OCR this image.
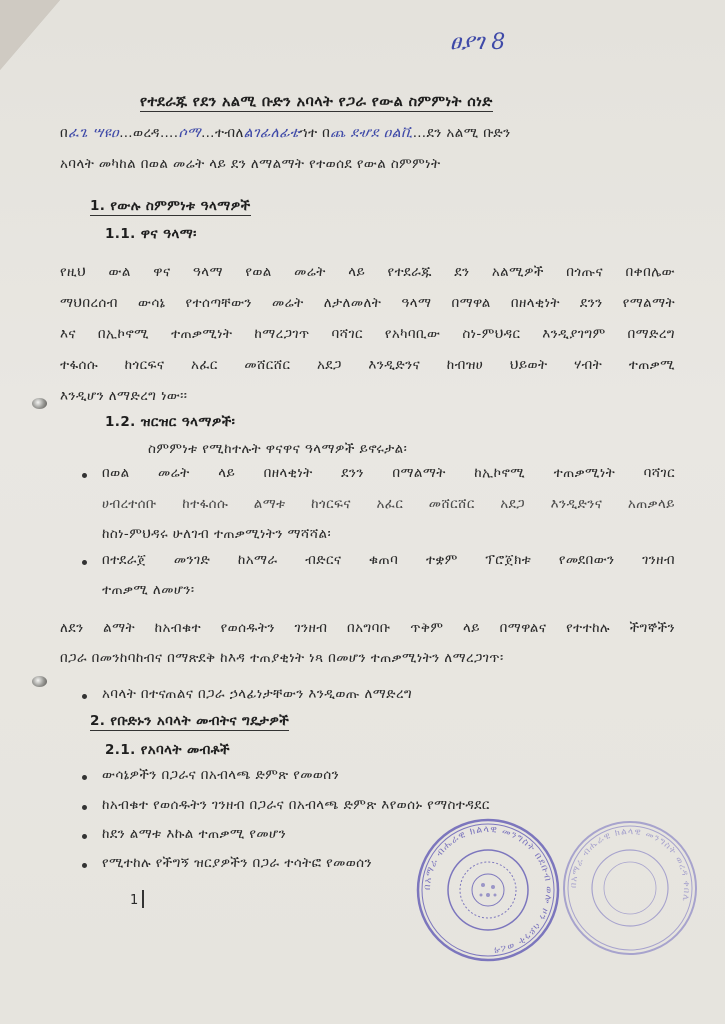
ፀያገ 8
የተደራጁ የደን አልሚ ቡድን አባላት የጋራ የውል ስምምነት ሰነድ
በፈጌ ሣዩዐ…ወረዳ….ሶማ…ተብለልገፊለፊቴኀተ በጨ ደሇደ ዐልቪ…ደን አልሚ ቡድን
አባላት መካከል በወል መሬት ላይ ደን ለማልማት የተወሰደ የውል ስምምነት
1. የውሉ ስምምነቱ ዓላማዎች
1.1. ዋና ዓላማ፡
የዚህ ውል ዋና ዓላማ የወል መሬት ላይ የተደራጁ ደን አልሚዎች በጎጡና በቀበሌው
ማህበረሰብ ውሳኔ የተሰጣቸውን መሬት ለታለመለት ዓላማ በማዋል በዘላቂነት ደንን የማልማት
እና በኢኮኖሚ ተጠቃሚነት ከማረጋገጥ ባሻገር የአካባቢው ስነ-ምህዳር እንዲያገግም በማድረግ
ተፋሰሱ ከጎርፍና አፈር መሸርሸር አደጋ እንዲድንና ከብዝሀ ህይወት ሃብት ተጠቃሚ
እንዲሆን ለማድረግ ነው፡፡
1.2. ዝርዝር ዓላማዎች፡
ስምምነቱ የሚከተሉት ዋናዋና ዓላማዎች ይኖሩታል፡
በወል መሬት ላይ በዘላቂነት ደንን በማልማት ከኢኮኖሚ ተጠቃሚነት ባሻገር
ሀብረተሰቡ ከተፋሰሱ ልማቱ ከጎርፍና አፈር መሸርሸር አደጋ እንዲድንና አጠቃላይ
ከስነ-ምህዳሩ ሁለገብ ተጠቃሚነትን ማሻሻል፡
በተደራጀ መንገድ ከአማራ ብድርና ቁጠባ ተቋም ፕሮጀክቱ የመደበውን ገንዘብ
ተጠቃሚ ለመሆን፡
ለደን ልማት ከአብቁተ የወሰዱትን ገንዘብ በአግባቡ ጥቅም ላይ በማዋልና የተተከሉ ችግኞችን
በጋራ በመንከባከብና በማጽደቅ ከእዳ ተጠያቂነት ነጻ በመሆን ተጠቃሚነትን ለማረጋገጥ፡
አባላት በተናጠልና በጋራ ኃላፊነታቸውን እንዲወጡ ለማድረግ
2. የቡድኑን አባላት መብትና ግዴታዎች
2.1. የአባላት መብቶች
ውሳኔዎችን በጋራና በአብላጫ ድምጽ የመወሰን
ከአብቁተ የወሰዱትን ገንዘብ በጋራና በአብላጫ ድምጽ እየወሰኑ የማስተዳደር
ከደን ልማቱ እኩል ተጠቃሚ የመሆን
የሚተከሉ የችግኝ ዝርያዎችን በጋራ ተሳትፎ የመወሰን
1
በአማራ ብሔራዊ ክልላዊ መንግስት በደቡብ ወሎ ዞን ሳይንት ወረዳ
በአማራ ብሔራዊ ክልላዊ መንግስት ወረዳ ቀበሌ
